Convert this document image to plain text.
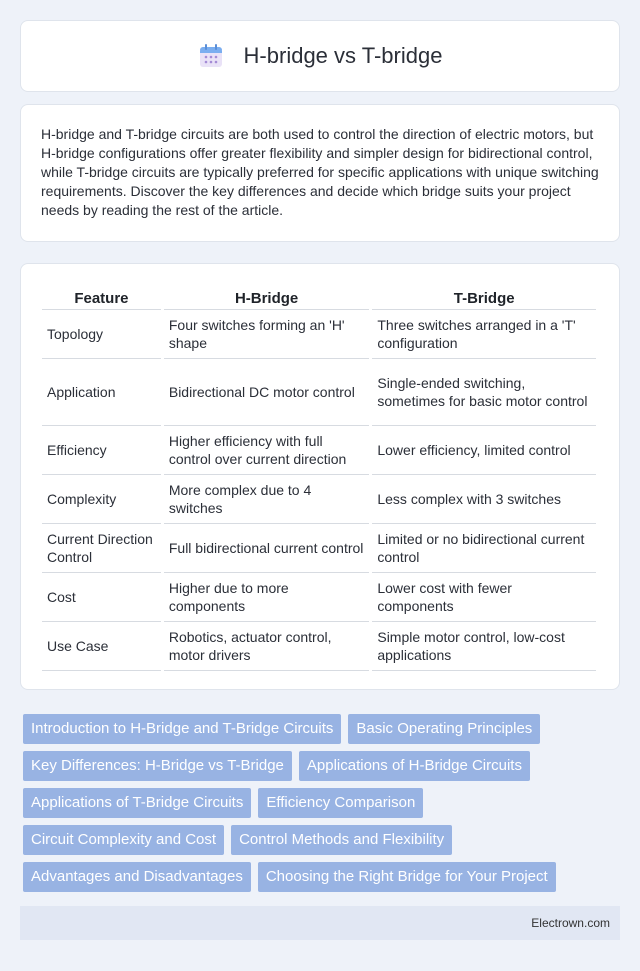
H-bridge vs T-bridge
H-bridge and T-bridge circuits are both used to control the direction of electric motors, but H-bridge configurations offer greater flexibility and simpler design for bidirectional control, while T-bridge circuits are typically preferred for specific applications with unique switching requirements. Discover the key differences and decide which bridge suits your project needs by reading the rest of the article.
Feature	H-Bridge	T-Bridge
Topology	Four switches forming an 'H' shape	Three switches arranged in a 'T' configuration
Application	Bidirectional DC motor control	Single-ended switching, sometimes for basic motor control
Efficiency	Higher efficiency with full control over current direction	Lower efficiency, limited control
Complexity	More complex due to 4 switches	Less complex with 3 switches
Current Direction Control	Full bidirectional current control	Limited or no bidirectional current control
Cost	Higher due to more components	Lower cost with fewer components
Use Case	Robotics, actuator control, motor drivers	Simple motor control, low-cost applications
Introduction to H-Bridge and T-Bridge Circuits	Basic Operating Principles
Key Differences: H-Bridge vs T-Bridge	Applications of H-Bridge Circuits
Applications of T-Bridge Circuits	Efficiency Comparison
Circuit Complexity and Cost	Control Methods and Flexibility
Advantages and Disadvantages	Choosing the Right Bridge for Your Project
Electrown.com
